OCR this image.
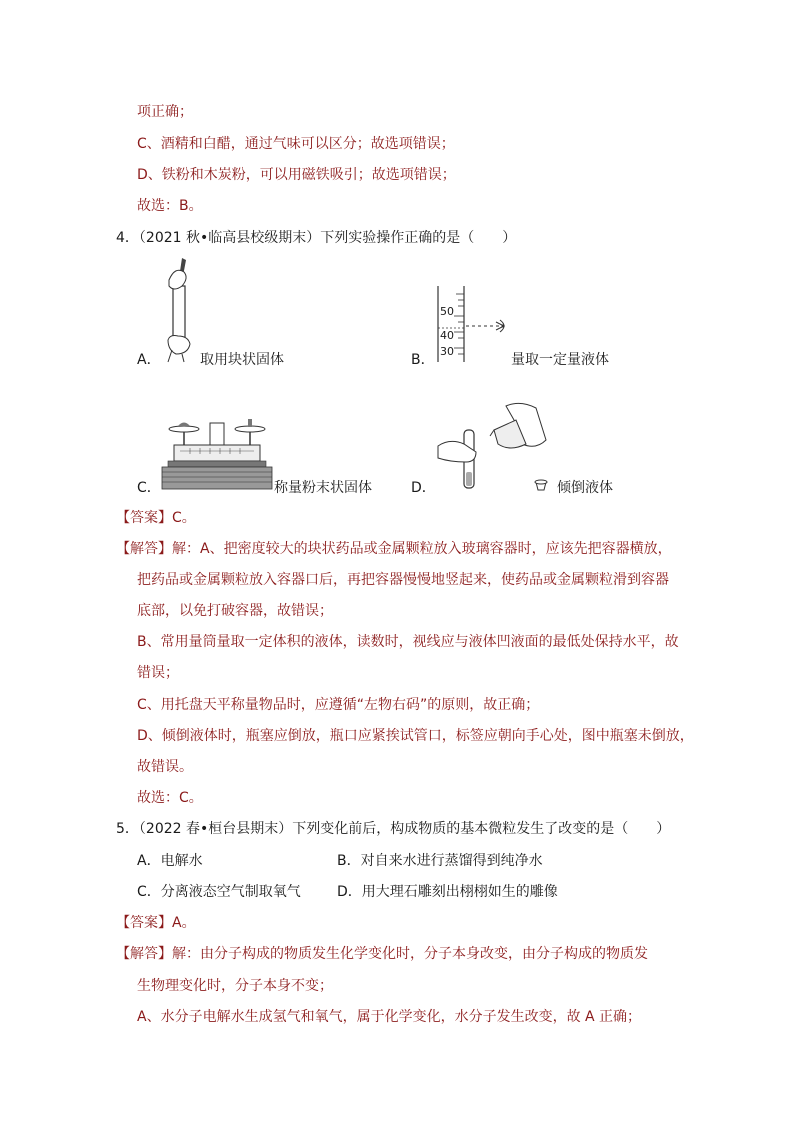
项正确；
C、酒精和白醋，通过气味可以区分；故选项错误；
D、铁粉和木炭粉，可以用磁铁吸引；故选项错误；
故选：B。
4．（2021 秋•临高县校级期末）下列实验操作正确的是（　　）
A．	取用块状固体
50
40
30
B．	量取一定量液体
C．	称量粉末状固体	D．	倾倒液体
【答案】C。
【解答】解：A、把密度较大的块状药品或金属颗粒放入玻璃容器时，应该先把容器横放，
把药品或金属颗粒放入容器口后，再把容器慢慢地竖起来，使药品或金属颗粒滑到容器
底部，以免打破容器，故错误；
B、常用量筒量取一定体积的液体，读数时，视线应与液体凹液面的最低处保持水平，故
错误；
C、用托盘天平称量物品时，应遵循“左物右码”的原则，故正确；
D、倾倒液体时，瓶塞应倒放，瓶口应紧挨试管口，标签应朝向手心处，图中瓶塞未倒放，
故错误。
故选：C。
5．（2022 春•桓台县期末）下列变化前后，构成物质的基本微粒发生了改变的是（　　）
A．电解水	B．对自来水进行蒸馏得到纯净水
C．分离液态空气制取氧气	D．用大理石雕刻出栩栩如生的雕像
【答案】A。
【解答】解：由分子构成的物质发生化学变化时，分子本身改变，由分子构成的物质发
生物理变化时，分子本身不变；
A、水分子电解水生成氢气和氧气，属于化学变化，水分子发生改变，故 A 正确；
